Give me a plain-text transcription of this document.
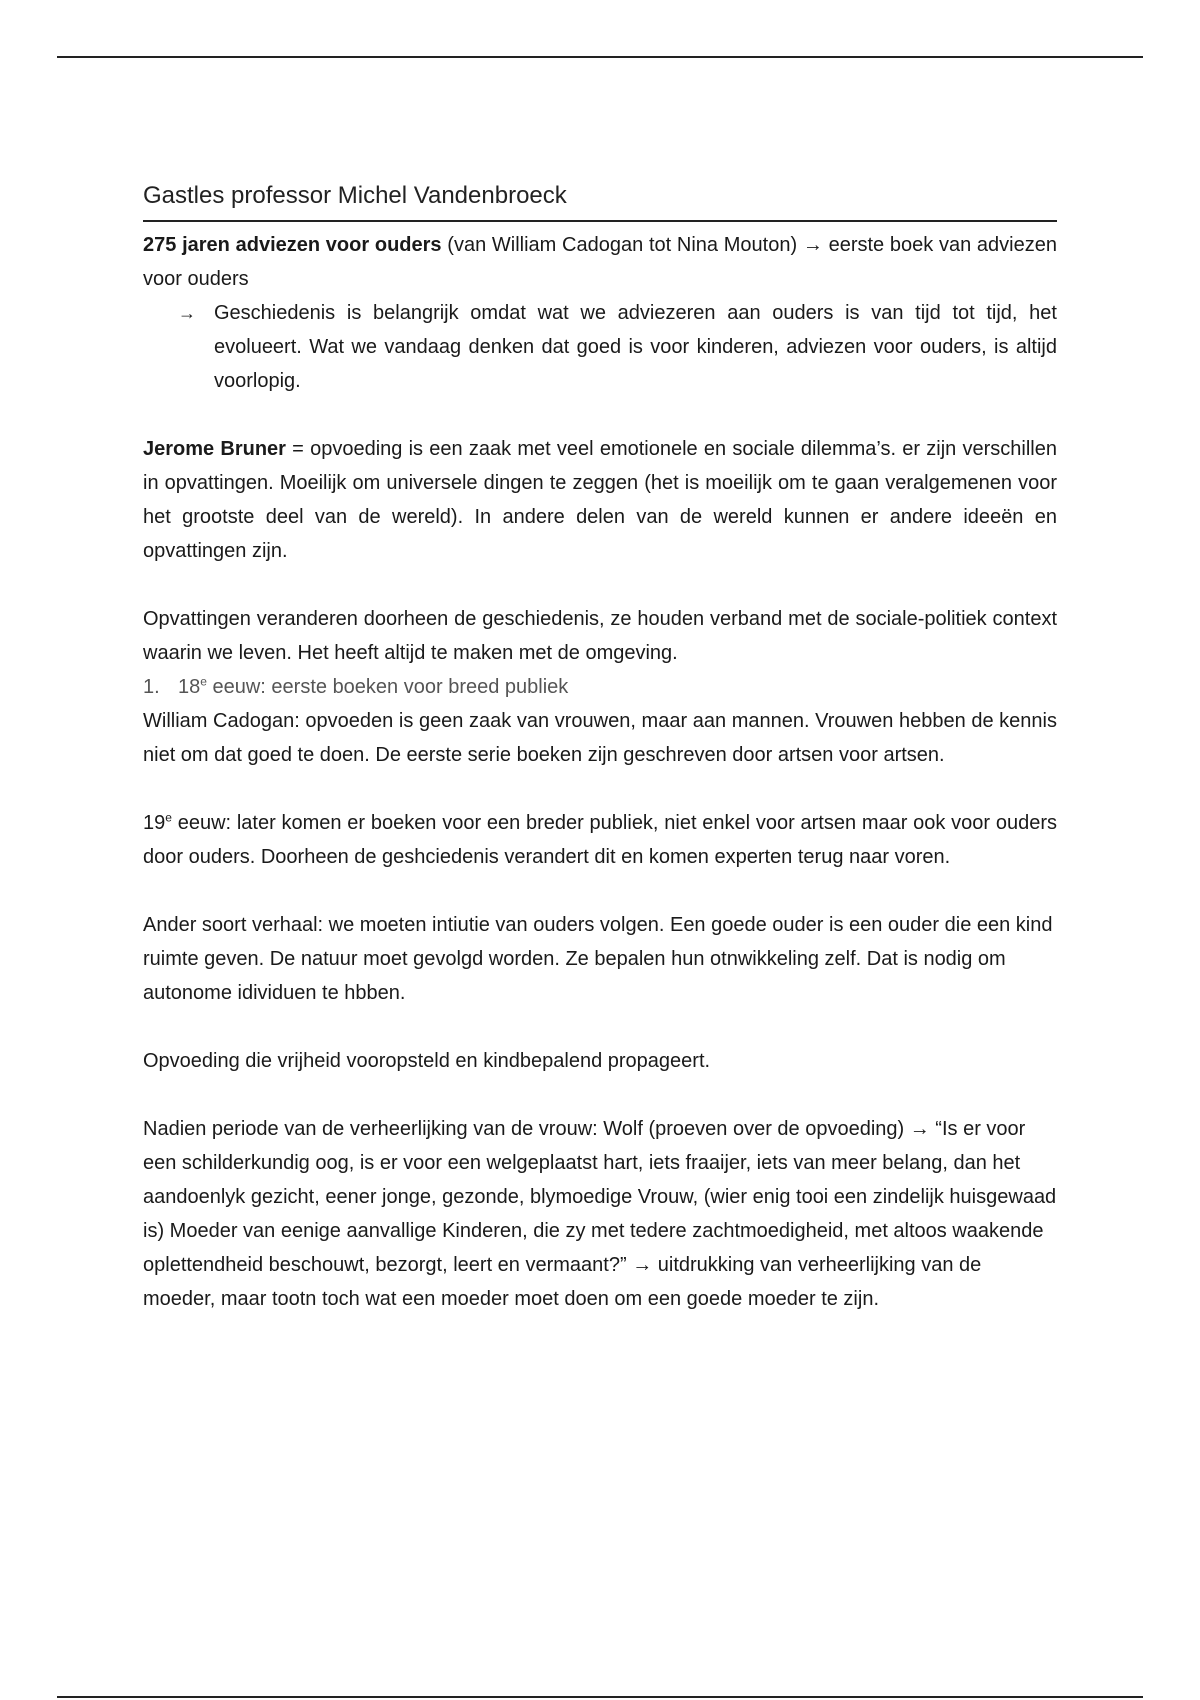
Gastles professor Michel Vandenbroeck

275 jaren adviezen voor ouders (van William Cadogan tot Nina Mouton) → eerste boek van adviezen voor ouders

→ Geschiedenis is belangrijk omdat wat we adviezeren aan ouders is van tijd tot tijd, het evolueert. Wat we vandaag denken dat goed is voor kinderen, adviezen voor ouders, is altijd voorlopig.

Jerome Bruner = opvoeding is een zaak met veel emotionele en sociale dilemma’s. er zijn verschillen in opvattingen. Moeilijk om universele dingen te zeggen (het is moeilijk om te gaan veralgemenen voor het grootste deel van de wereld). In andere delen van de wereld kunnen er andere ideeën en opvattingen zijn.

Opvattingen veranderen doorheen de geschiedenis, ze houden verband met de sociale-politiek context waarin we leven. Het heeft altijd te maken met de omgeving.

1. 18e eeuw: eerste boeken voor breed publiek

William Cadogan: opvoeden is geen zaak van vrouwen, maar aan mannen. Vrouwen hebben de kennis niet om dat goed te doen. De eerste serie boeken zijn geschreven door artsen voor artsen.

19e eeuw: later komen er boeken voor een breder publiek, niet enkel voor artsen maar ook voor ouders door ouders. Doorheen de geshciedenis verandert dit en komen experten terug naar voren.

Ander soort verhaal: we moeten intiutie van ouders volgen. Een goede ouder is een ouder die een kind ruimte geven. De natuur moet gevolgd worden. Ze bepalen hun otnwikkeling zelf. Dat is nodig om autonome idividuen te hbben.

Opvoeding die vrijheid vooropsteld en kindbepalend propageert.

Nadien periode van de verheerlijking van de vrouw: Wolf (proeven over de opvoeding) → “Is er voor een schilderkundig oog, is er voor een welgeplaatst hart, iets fraaijer, iets van meer belang, dan het aandoenlyk gezicht, eener jonge, gezonde, blymoedige Vrouw, (wier enig tooi een zindelijk huisgewaad is) Moeder van eenige aanvallige Kinderen, die zy met tedere zachtmoedigheid, met altoos waakende oplettendheid beschouwt, bezorgt, leert en vermaant?” → uitdrukking van verheerlijking van de moeder, maar tootn toch wat een moeder moet doen om een goede moeder te zijn.
